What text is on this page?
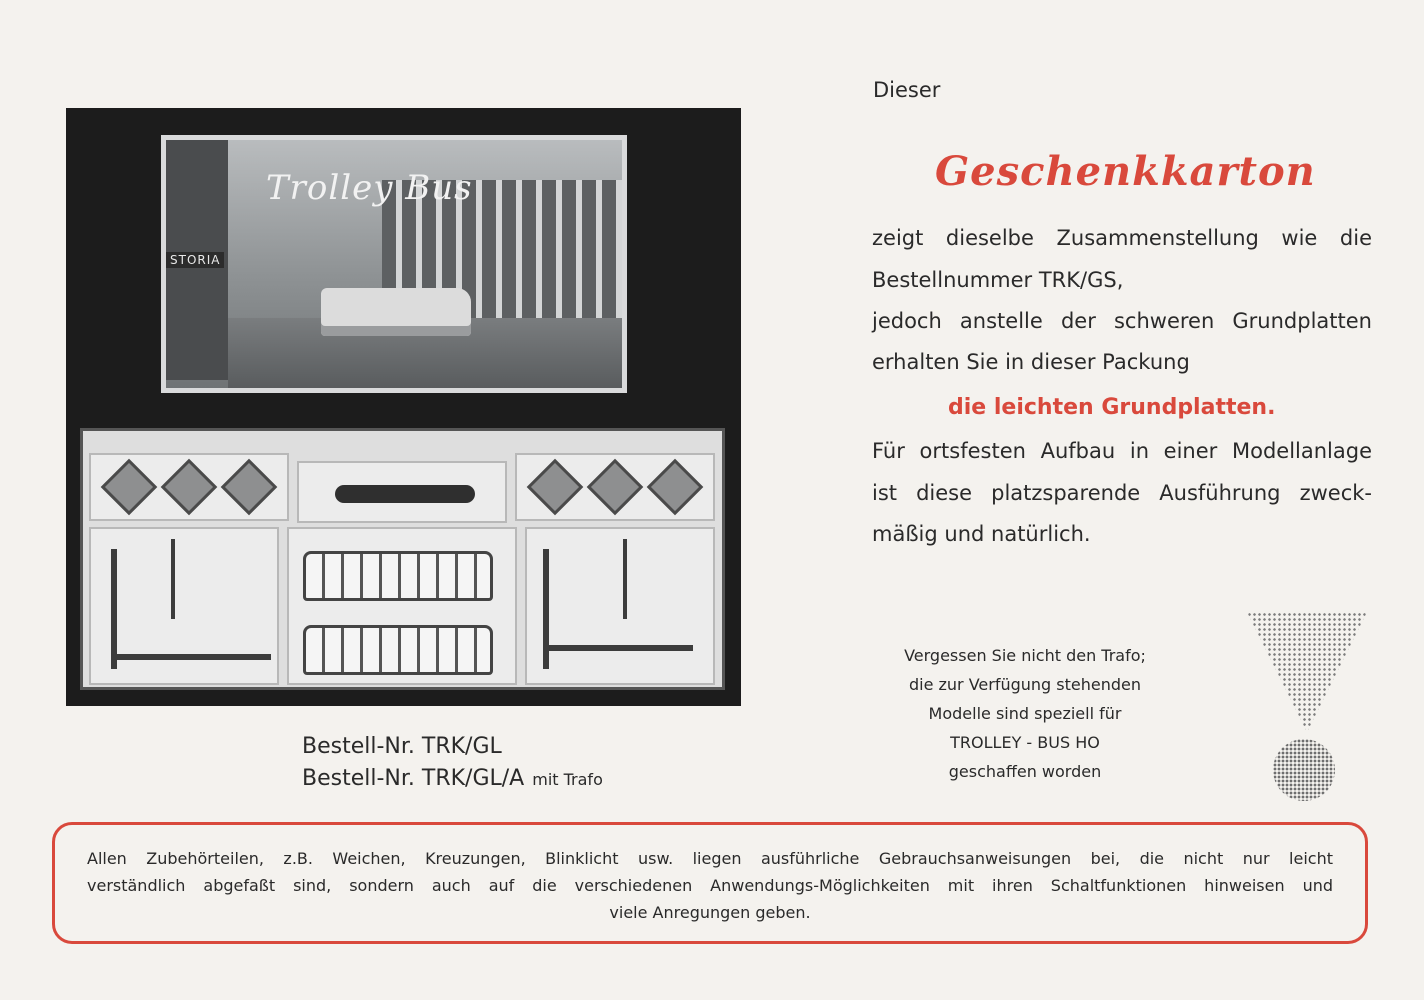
STORIA
Trolley Bus
Bestell-Nr. TRK/GL
Bestell-Nr. TRK/GL/A mit Trafo
Dieser
Geschenkkarton
zeigt dieselbe Zusammenstellung wie die
Bestellnummer TRK/GS,
jedoch anstelle der schweren Grundplatten
erhalten Sie in dieser Packung
die leichten Grundplatten.
Für ortsfesten Aufbau in einer Modellanlage
ist diese platzsparende Ausführung zweck-
mäßig und natürlich.
Vergessen Sie nicht den Trafo;
die zur Verfügung stehenden
Modelle sind speziell für
TROLLEY - BUS HO
geschaffen worden
Allen Zubehörteilen, z.B. Weichen, Kreuzungen, Blinklicht usw. liegen ausführliche Gebrauchsanweisungen bei, die nicht nur leicht
verständlich abgefaßt sind, sondern auch auf die verschiedenen Anwendungs-Möglichkeiten mit ihren Schaltfunktionen hinweisen und
viele Anregungen geben.
